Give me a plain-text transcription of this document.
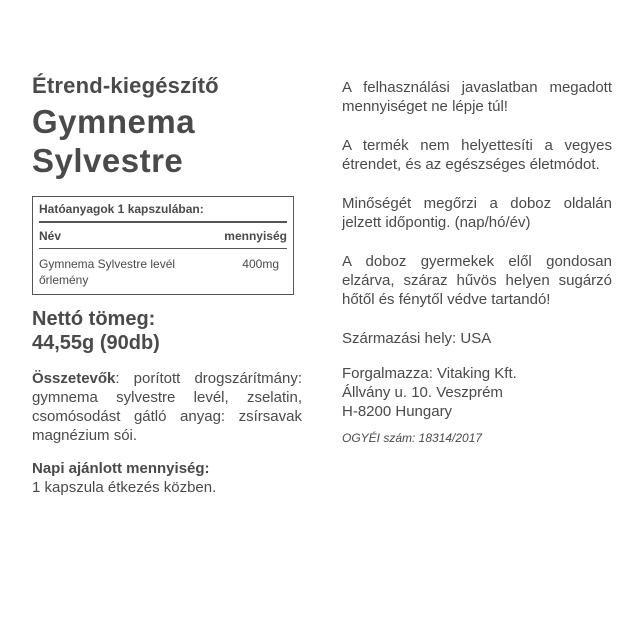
Étrend-kiegészítő
Gymnema
Sylvestre
Hatóanyagok 1 kapszulában:
Név	mennyiség
Gymnema Sylvestre levél őrlemény
400mg
Nettó tömeg:
44,55g (90db)

Összetevők: porított drogszárítmány: gymnema sylvestre levél, zselatin, csomósodást gátló anyag: zsírsavak magnézium sói.

Napi ajánlott mennyiség:
1 kapszula étkezés közben.

A felhasználási javaslatban megadott mennyiséget ne lépje túl!

A termék nem helyettesíti a vegyes étrendet, és az egészséges életmódot.

Minőségét megőrzi a doboz oldalán jelzett időpontig. (nap/hó/év)

A doboz gyermekek elől gondosan elzárva, száraz hűvös helyen sugárzó hőtől és fénytől védve tartandó!

Származási hely: USA

Forgalmazza: Vitaking Kft.
Állvány u. 10. Veszprém
H-8200 Hungary

OGYÉI szám: 18314/2017
